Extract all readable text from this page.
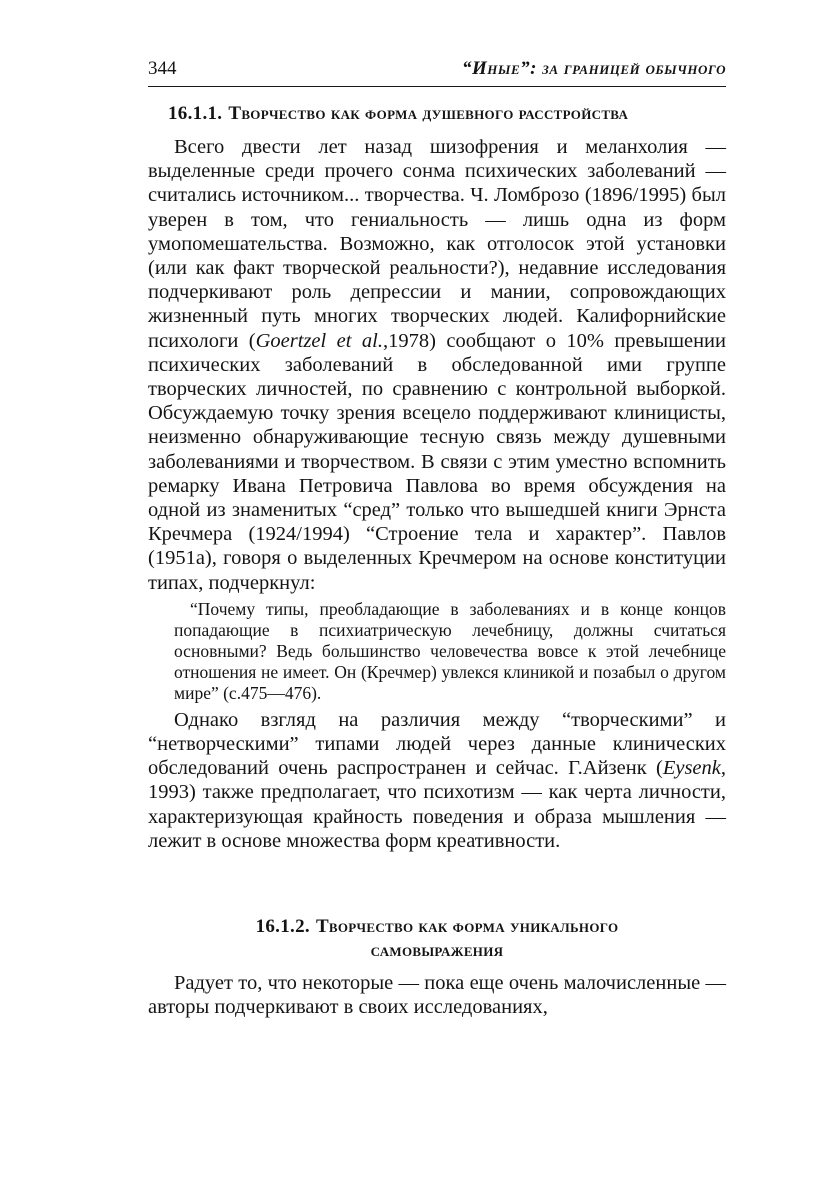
344	“Иные”: за границей обычного
16.1.1. Творчество как форма душевного расстройства

Всего двести лет назад шизофрения и меланхолия — выделенные среди прочего сонма психических заболеваний — считались источником... творчества. Ч. Ломброзо (1896/1995) был уверен в том, что гениальность — лишь одна из форм умопомешательства. Возможно, как отголосок этой установки (или как факт творческой реальности?), недавние исследования подчеркивают роль депрессии и мании, сопровождающих жизненный путь многих творческих людей. Калифорнийские психологи (Goertzel et al.,1978) сообщают о 10% превышении психических заболеваний в обследованной ими группе творческих личностей, по сравнению с контрольной выборкой. Обсуждаемую точку зрения всецело поддерживают клиницисты, неизменно обнаруживающие тесную связь между душевными заболеваниями и творчеством. В связи с этим уместно вспомнить ремарку Ивана Петровича Павлова во время обсуждения на одной из знаменитых “сред” только что вышедшей книги Эрнста Кречмера (1924/1994) “Строение тела и характер”. Павлов (1951а), говоря о выделенных Кречмером на основе конституции типах, подчеркнул:

“Почему типы, преобладающие в заболеваниях и в конце концов попадающие в психиатрическую лечебницу, должны считаться основными? Ведь большинство человечества вовсе к этой лечебнице отношения не имеет. Он (Кречмер) увлекся клиникой и позабыл о другом мире” (с.475—476).

Однако взгляд на различия между “творческими” и “нетворческими” типами людей через данные клинических обследований очень распространен и сейчас. Г.Айзенк (Eysenk, 1993) также предполагает, что психотизм — как черта личности, характеризующая крайность поведения и образа мышления — лежит в основе множества форм креативности.

16.1.2. Творчество как форма уникального
самовыражения

Радует то, что некоторые — пока еще очень малочисленные — авторы подчеркивают в своих исследованиях,
